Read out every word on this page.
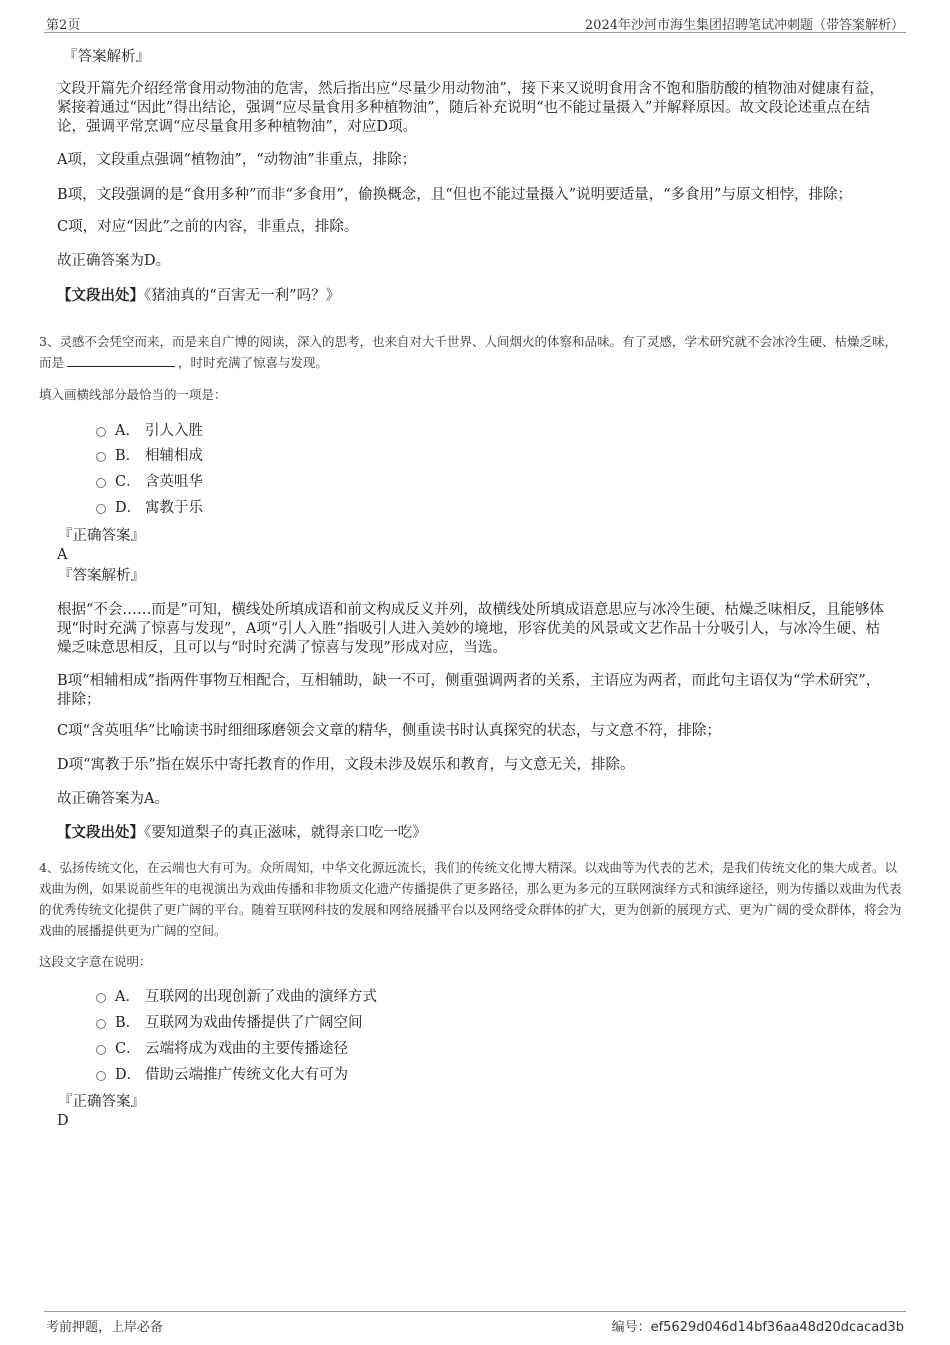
第2页	2024年沙河市海生集团招聘笔试冲刺题（带答案解析）
『答案解析』
文段开篇先介绍经常食用动物油的危害，然后指出应“尽量少用动物油”，接下来又说明食用含不饱和脂肪酸的植物油对健康有益，紧接着通过“因此”得出结论，强调“应尽量食用多种植物油”，随后补充说明“也不能过量摄入”并解释原因。故文段论述重点在结论，强调平常烹调“应尽量食用多种植物油”，对应D项。
A项，文段重点强调“植物油”，“动物油”非重点，排除；
B项，文段强调的是“食用多种”而非“多食用”，偷换概念，且“但也不能过量摄入”说明要适量，“多食用”与原文相悖，排除；
C项，对应“因此”之前的内容，非重点，排除。
故正确答案为D。
【文段出处】《猪油真的“百害无一利”吗？》
3、灵感不会凭空而来，而是来自广博的阅读，深入的思考，也来自对大千世界、人间烟火的体察和品味。有了灵感，学术研究就不会冰冷生硬、枯燥乏味，而是	，时时充满了惊喜与发现。
填入画横线部分最恰当的一项是：
A． 引人入胜
B． 相辅相成
C． 含英咀华
D． 寓教于乐
『正确答案』
A
『答案解析』
根据“不会……而是”可知，横线处所填成语和前文构成反义并列，故横线处所填成语意思应与冰冷生硬、枯燥乏味相反，且能够体现“时时充满了惊喜与发现”，A项“引人入胜”指吸引人进入美妙的境地，形容优美的风景或文艺作品十分吸引人，与冰冷生硬、枯燥乏味意思相反，且可以与“时时充满了惊喜与发现”形成对应，当选。
B项“相辅相成”指两件事物互相配合，互相辅助，缺一不可，侧重强调两者的关系，主语应为两者，而此句主语仅为“学术研究”，排除；
C项“含英咀华”比喻读书时细细琢磨领会文章的精华，侧重读书时认真探究的状态，与文意不符，排除；
D项“寓教于乐”指在娱乐中寄托教育的作用，文段未涉及娱乐和教育，与文意无关，排除。
故正确答案为A。
【文段出处】《要知道梨子的真正滋味，就得亲口吃一吃》
4、弘扬传统文化，在云端也大有可为。众所周知，中华文化源远流长，我们的传统文化博大精深。以戏曲等为代表的艺术，是我们传统文化的集大成者。以戏曲为例，如果说前些年的电视演出为戏曲传播和非物质文化遗产传播提供了更多路径，那么更为多元的互联网演绎方式和演绎途径，则为传播以戏曲为代表的优秀传统文化提供了更广阔的平台。随着互联网科技的发展和网络展播平台以及网络受众群体的扩大，更为创新的展现方式、更为广阔的受众群体，将会为戏曲的展播提供更为广阔的空间。
这段文字意在说明：
A． 互联网的出现创新了戏曲的演绎方式
B． 互联网为戏曲传播提供了广阔空间
C． 云端将成为戏曲的主要传播途径
D． 借助云端推广传统文化大有可为
『正确答案』
D
考前押题，上岸必备	编号：ef5629d046d14bf36aa48d20dcacad3b
